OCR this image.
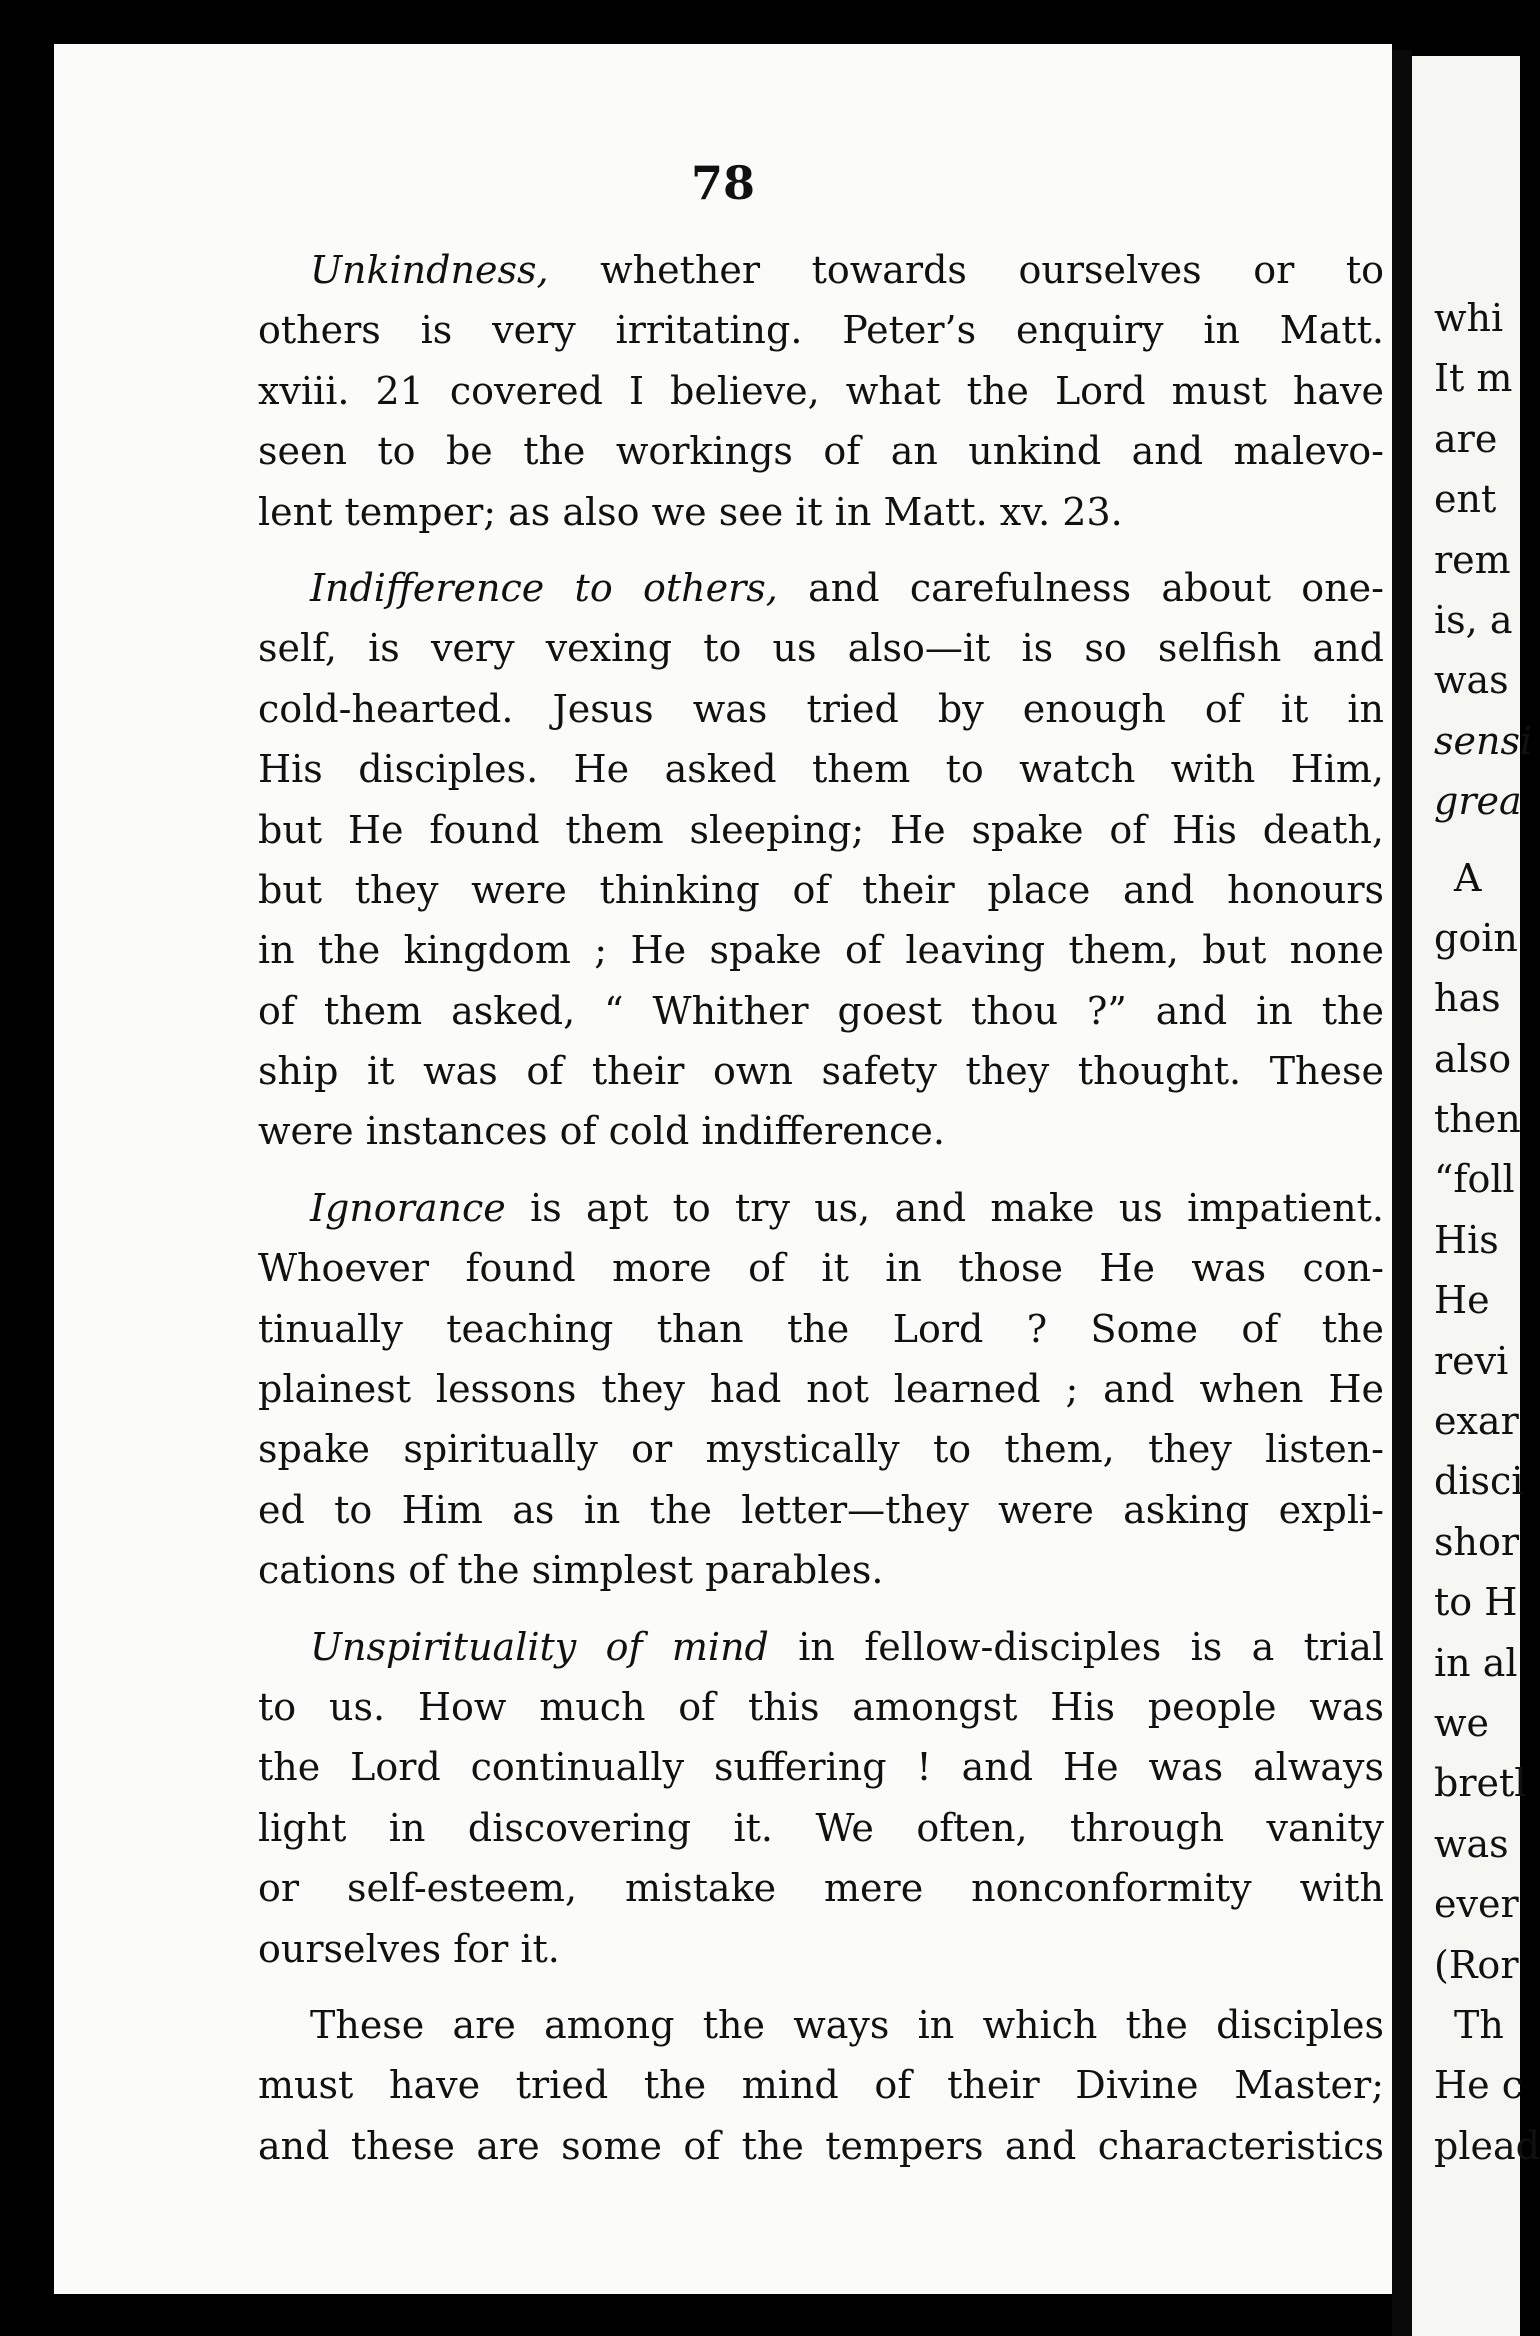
78
Unkindness, whether towards ourselves or to
others is very irritating. Peter’s enquiry in Matt.
xviii. 21 covered I believe, what the Lord must have
seen to be the workings of an unkind and malevo-
lent temper; as also we see it in Matt. xv. 23.
Indifference to others, and carefulness about one-
self, is very vexing to us also—it is so selfish and
cold-hearted. Jesus was tried by enough of it in
His disciples. He asked them to watch with Him,
but He found them sleeping; He spake of His death,
but they were thinking of their place and honours
in the kingdom ; He spake of leaving them, but none
of them asked, “ Whither goest thou ?” and in the
ship it was of their own safety they thought. These
were instances of cold indifference.
Ignorance is apt to try us, and make us impatient.
Whoever found more of it in those He was con-
tinually teaching than the Lord ? Some of the
plainest lessons they had not learned ; and when He
spake spiritually or mystically to them, they listen-
ed to Him as in the letter—they were asking expli-
cations of the simplest parables.
Unspirituality of mind in fellow-disciples is a trial
to us. How much of this amongst His people was
the Lord continually suffering ! and He was always
light in discovering it. We often, through vanity
or self-esteem, mistake mere nonconformity with
ourselves for it.
These are among the ways in which the disciples
must have tried the mind of their Divine Master;
and these are some of the tempers and characteristics
whi
It m
are
ent
rem
is, a
was
sensi
grea
A
goin
has
also
then
“foll
His
He
revi
exar
disci
shor
to H
in al
we
bretl
was
ever
(Ror
Th
He c
plead
